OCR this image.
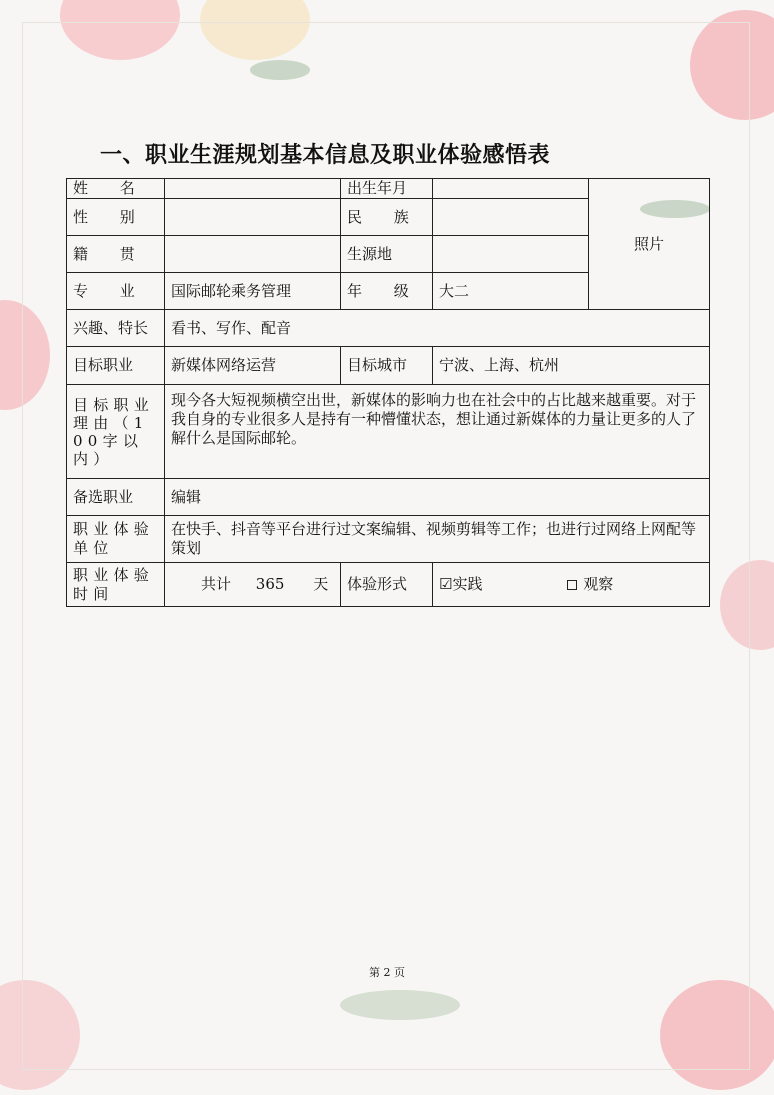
一、职业生涯规划基本信息及职业体验感悟表
姓 名		出生年月		照片
性 别		民 族		
籍 贯		生源地		
专 业	国际邮轮乘务管理	年 级	大二	
兴趣、特长	看书、写作、配音			
目标职业	新媒体网络运营	目标城市	宁波、上海、杭州	
目标职业理由（100字以内）	现今各大短视频横空出世，新媒体的影响力也在社会中的占比越来越重要。对于我自身的专业很多人是持有一种懵懂状态，想让通过新媒体的力量让更多的人了解什么是国际邮轮。			
备选职业	编辑			
职业体验单位	在快手、抖音等平台进行过文案编辑、视频剪辑等工作；也进行过网络上网配等策划			
职业体验时间	共计 365 天	体验形式	☑实践 观察	
第 2 页
